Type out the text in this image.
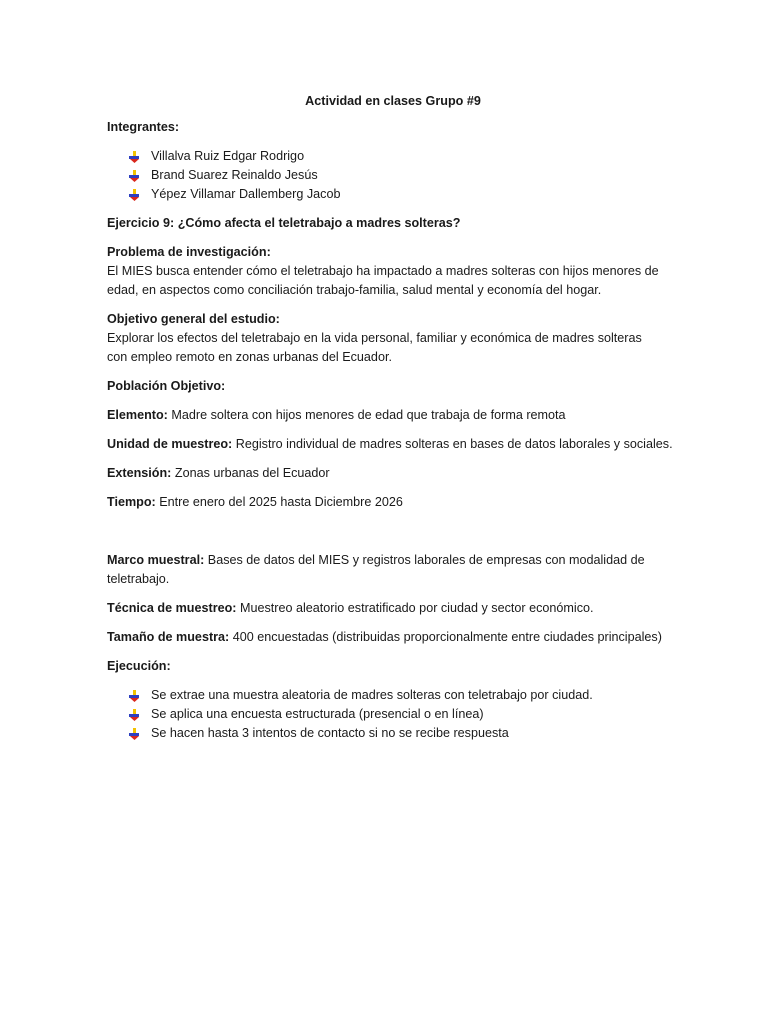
Actividad en clases Grupo #9

Integrantes:

Villalva Ruiz Edgar Rodrigo
Brand Suarez Reinaldo Jesús
Yépez Villamar Dallemberg Jacob

Ejercicio 9: ¿Cómo afecta el teletrabajo a madres solteras?

Problema de investigación:
El MIES busca entender cómo el teletrabajo ha impactado a madres solteras con hijos menores de
edad, en aspectos como conciliación trabajo-familia, salud mental y economía del hogar.

Objetivo general del estudio:
Explorar los efectos del teletrabajo en la vida personal, familiar y económica de madres solteras
con empleo remoto en zonas urbanas del Ecuador.

Población Objetivo:

Elemento: Madre soltera con hijos menores de edad que trabaja de forma remota

Unidad de muestreo: Registro individual de madres solteras en bases de datos laborales y sociales.

Extensión: Zonas urbanas del Ecuador

Tiempo: Entre enero del 2025 hasta Diciembre 2026

Marco muestral: Bases de datos del MIES y registros laborales de empresas con modalidad de
teletrabajo.

Técnica de muestreo: Muestreo aleatorio estratificado por ciudad y sector económico.

Tamaño de muestra: 400 encuestadas (distribuidas proporcionalmente entre ciudades principales)

Ejecución:

Se extrae una muestra aleatoria de madres solteras con teletrabajo por ciudad.
Se aplica una encuesta estructurada (presencial o en línea)
Se hacen hasta 3 intentos de contacto si no se recibe respuesta
